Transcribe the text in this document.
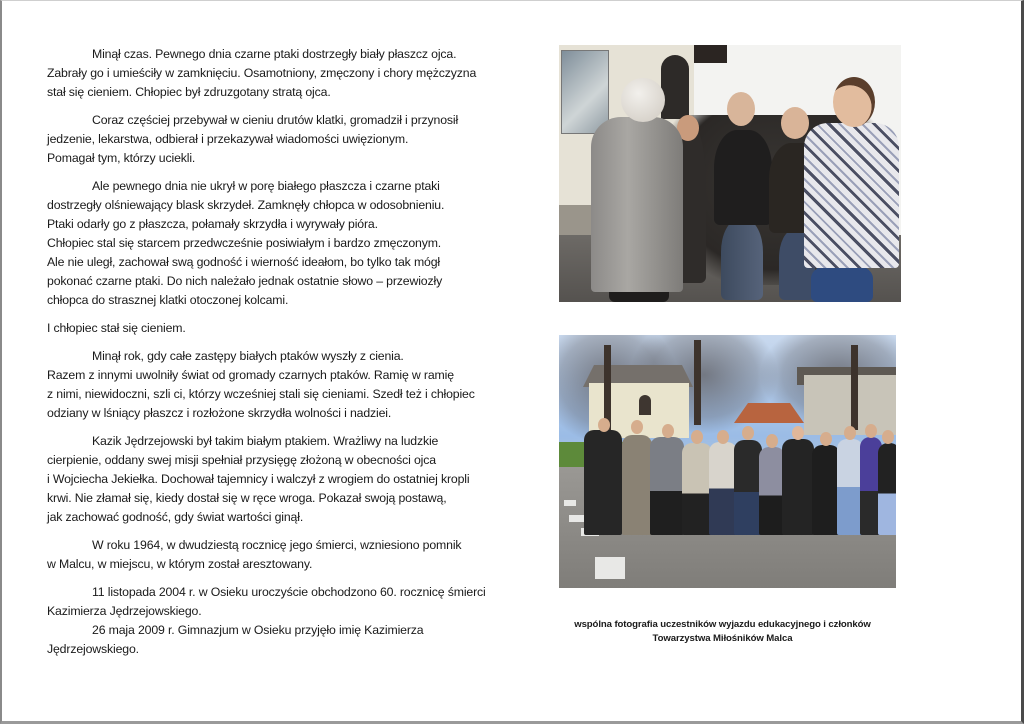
Minął czas. Pewnego dnia czarne ptaki dostrzegły biały płaszcz ojca.
Zabrały go i umieściły w zamknięciu. Osamotniony, zmęczony i chory mężczyzna
stał się cieniem. Chłopiec był zdruzgotany stratą ojca.

Coraz częściej przebywał w cieniu drutów klatki, gromadził i przynosił
jedzenie, lekarstwa, odbierał i przekazywał wiadomości uwięzionym.
Pomagał tym, którzy uciekli.

Ale pewnego dnia nie ukrył w porę białego płaszcza i czarne ptaki
dostrzegły olśniewający blask skrzydeł. Zamknęły chłopca w odosobnieniu.
Ptaki odarły go z płaszcza, połamały skrzydła i wyrywały pióra.
Chłopiec stal się starcem przedwcześnie posiwiałym i bardzo zmęczonym.
Ale nie uległ, zachował swą godność i wierność ideałom, bo tylko tak mógł
pokonać czarne ptaki. Do nich należało jednak ostatnie słowo – przewiozły
chłopca do strasznej klatki otoczonej kolcami.

I chłopiec stał się cieniem.

Minął rok, gdy całe zastępy białych ptaków wyszły z cienia.
Razem z innymi uwolniły świat od gromady czarnych ptaków. Ramię w ramię
z nimi, niewidoczni, szli ci, którzy wcześniej stali się cieniami. Szedł też i chłopiec
odziany w lśniący płaszcz i rozłożone skrzydła wolności i nadziei.

Kazik Jędrzejowski był takim białym ptakiem. Wrażliwy na ludzkie
cierpienie, oddany swej misji spełniał przysięgę złożoną w obecności ojca
i Wojciecha Jekiełka. Dochował tajemnicy i walczył z wrogiem do ostatniej kropli
krwi. Nie złamał się, kiedy dostał się w ręce wroga. Pokazał swoją postawą,
jak zachować godność, gdy świat wartości ginął.

W roku 1964, w dwudziestą rocznicę jego śmierci, wzniesiono pomnik
w Malcu, w miejscu, w którym został aresztowany.

11 listopada 2004 r. w Osieku uroczyście obchodzono 60. rocznicę śmierci
Kazimierza Jędrzejowskiego.
26 maja 2009 r. Gimnazjum w Osieku przyjęło imię Kazimierza
Jędrzejowskiego.

wspólna fotografia uczestników wyjazdu edukacyjnego i członków
Towarzystwa Miłośników Malca
